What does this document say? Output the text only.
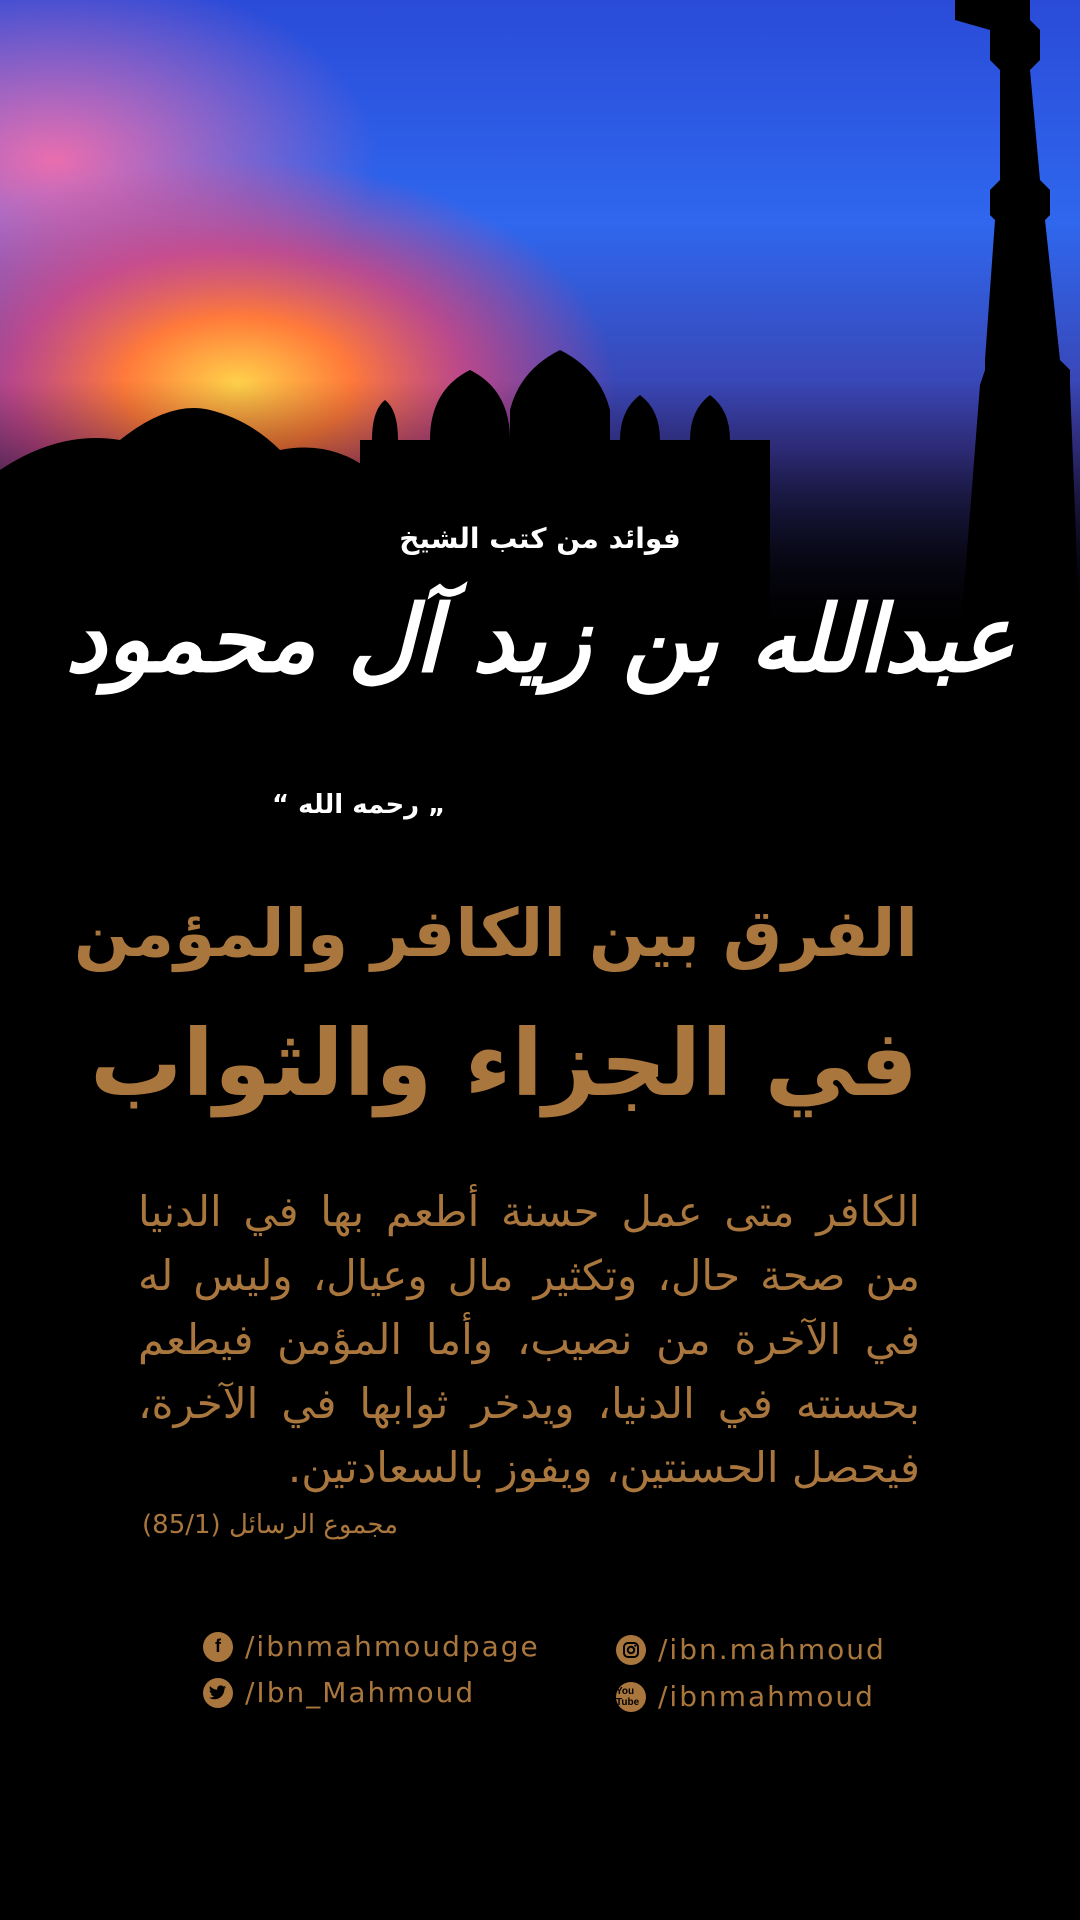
فوائد من كتب الشيخ
عبدالله بن زيد آل محمود
„ رحمه الله “
الفرق بين الكافر والمؤمن
في الجزاء والثواب
الكافر متى عمل حسنة أطعم بها في الدنيا من صحة حال، وتكثير مال وعيال، وليس له في الآخرة من نصيب، وأما المؤمن فيطعم بحسنته في الدنيا، ويدخر ثوابها في الآخرة، فيحصل الحسنتين، ويفوز بالسعادتين.
مجموع الرسائل (85/1)
f /ibnmahmoudpage
/Ibn_Mahmoud
/ibn.mahmoud
You Tube /ibnmahmoud
